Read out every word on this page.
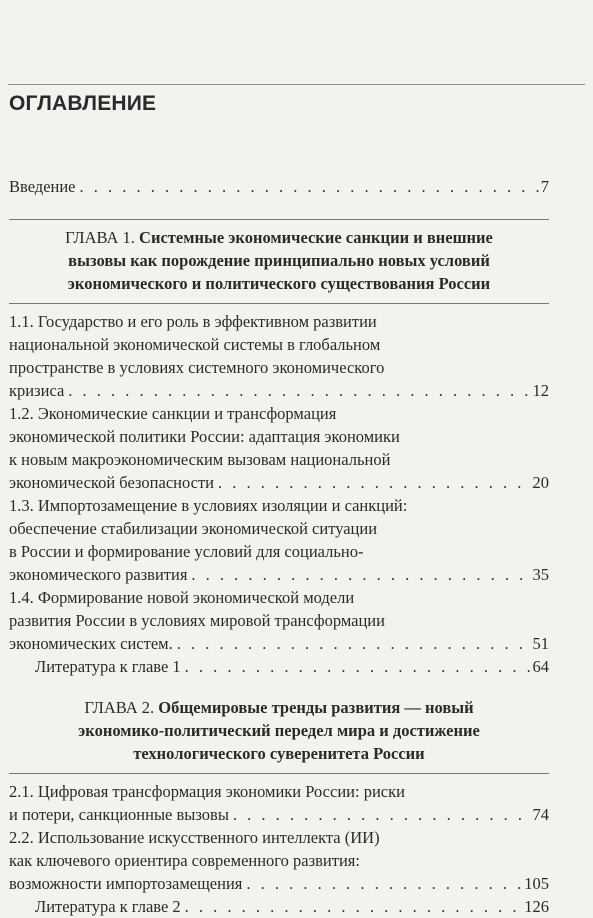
ОГЛАВЛЕНИЕ
Введение . . .	7
ГЛАВА 1. Системные экономические санкции и внешние
вызовы как порождение принципиально новых условий
экономического и политического существования России
1.1. Государство и его роль в эффективном развитии
национальной экономической системы в глобальном
пространстве в условиях системного экономического
кризиса . . .	12
1.2. Экономические санкции и трансформация
экономической политики России: адаптация экономики
к новым макроэкономическим вызовам национальной
экономической безопасности . . .	20
1.3. Импортозамещение в условиях изоляции и санкций:
обеспечение стабилизации экономической ситуации
в России и формирование условий для социально-
экономического развития . . .	35
1.4. Формирование новой экономической модели
развития России в условиях мировой трансформации
экономических систем. . . .	51
Литература к главе 1 . . .	64
ГЛАВА 2. Общемировые тренды развития — новый
экономико-политический передел мира и достижение
технологического суверенитета России
2.1. Цифровая трансформация экономики России: риски
и потери, санкционные вызовы . . .	74
2.2. Использование искусственного интеллекта (ИИ)
как ключевого ориентира современного развития:
возможности импортозамещения . . .	105
Литература к главе 2 . . .	126
